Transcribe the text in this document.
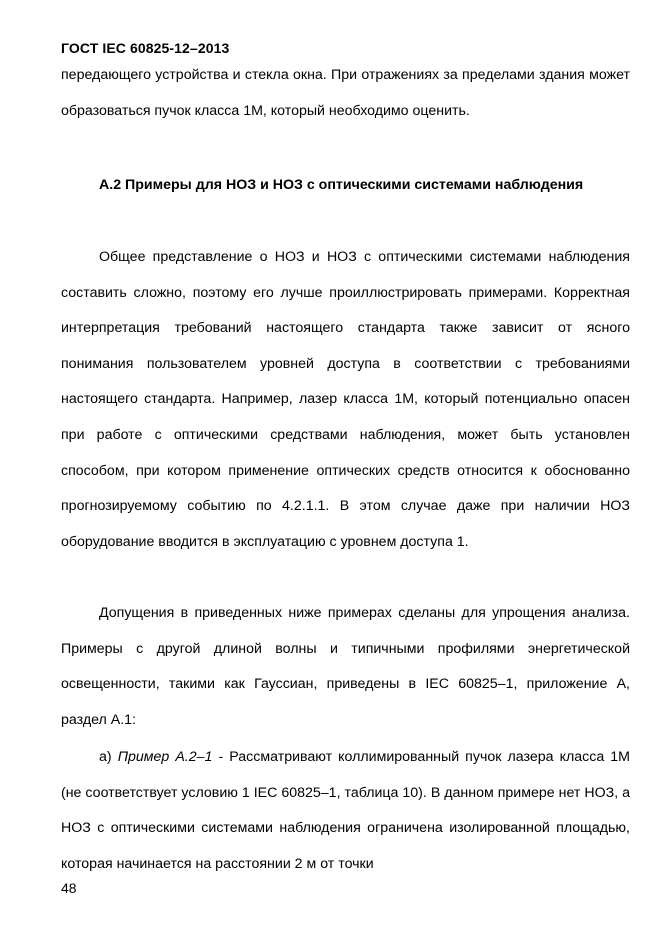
ГОСТ IEC 60825-12–2013
передающего устройства и стекла окна. При отражениях за пределами здания может образоваться пучок класса 1М, который необходимо оценить.
А.2 Примеры для НОЗ и НОЗ с оптическими системами наблюдения
Общее представление о НОЗ и НОЗ с оптическими системами наблюдения составить сложно, поэтому его лучше проиллюстрировать примерами. Корректная интерпретация требований настоящего стандарта также зависит от ясного понимания пользователем уровней доступа в соответствии с требованиями настоящего стандарта. Например, лазер класса 1М, который потенциально опасен при работе с оптическими средствами наблюдения, может быть установлен способом, при котором применение оптических средств относится к обоснованно прогнозируемому событию по 4.2.1.1. В этом случае даже при наличии НОЗ оборудование вводится в эксплуатацию с уровнем доступа 1.
Допущения в приведенных ниже примерах сделаны для упрощения анализа. Примеры с другой длиной волны и типичными профилями энергетической освещенности, такими как Гауссиан, приведены в IEC 60825–1, приложение А, раздел А.1:
а) Пример А.2–1 - Рассматривают коллимированный пучок лазера класса 1М (не соответствует условию 1 IEC 60825–1, таблица 10). В данном примере нет НОЗ, а НОЗ с оптическими системами наблюдения ограничена изолированной площадью, которая начинается на расстоянии 2 м от точки
48
